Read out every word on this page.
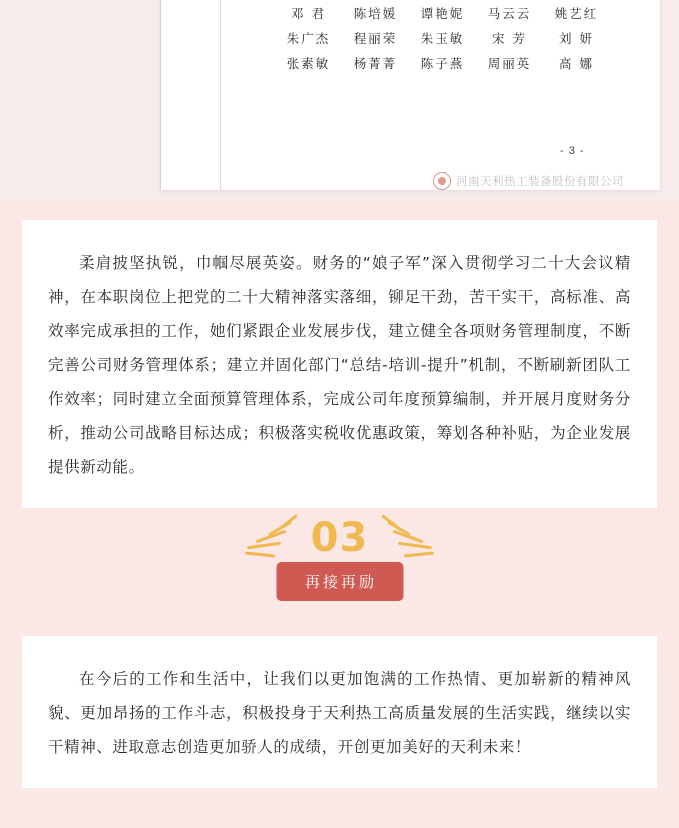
邓 君	陈培媛	谭艳妮	马云云	姚艺红
朱广杰	程丽荣	朱玉敏	宋 芳	刘 妍
张素敏	杨菁菁	陈子燕	周丽英	高 娜
- 3 -
河南天利热工装备股份有限公司

柔肩披坚执锐，巾帼尽展英姿。财务的“娘子军”深入贯彻学习二十大会议精神，在本职岗位上把党的二十大精神落实落细，铆足干劲，苦干实干，高标准、高效率完成承担的工作，她们紧跟企业发展步伐，建立健全各项财务管理制度，不断完善公司财务管理体系；建立并固化部门“总结-培训-提升”机制，不断刷新团队工作效率；同时建立全面预算管理体系，完成公司年度预算编制，并开展月度财务分析，推动公司战略目标达成；积极落实税收优惠政策，筹划各种补贴，为企业发展提供新动能。

03
再接再励

在今后的工作和生活中，让我们以更加饱满的工作热情、更加崭新的精神风貌、更加昂扬的工作斗志，积极投身于天利热工高质量发展的生活实践，继续以实干精神、进取意志创造更加骄人的成绩，开创更加美好的天利未来！
